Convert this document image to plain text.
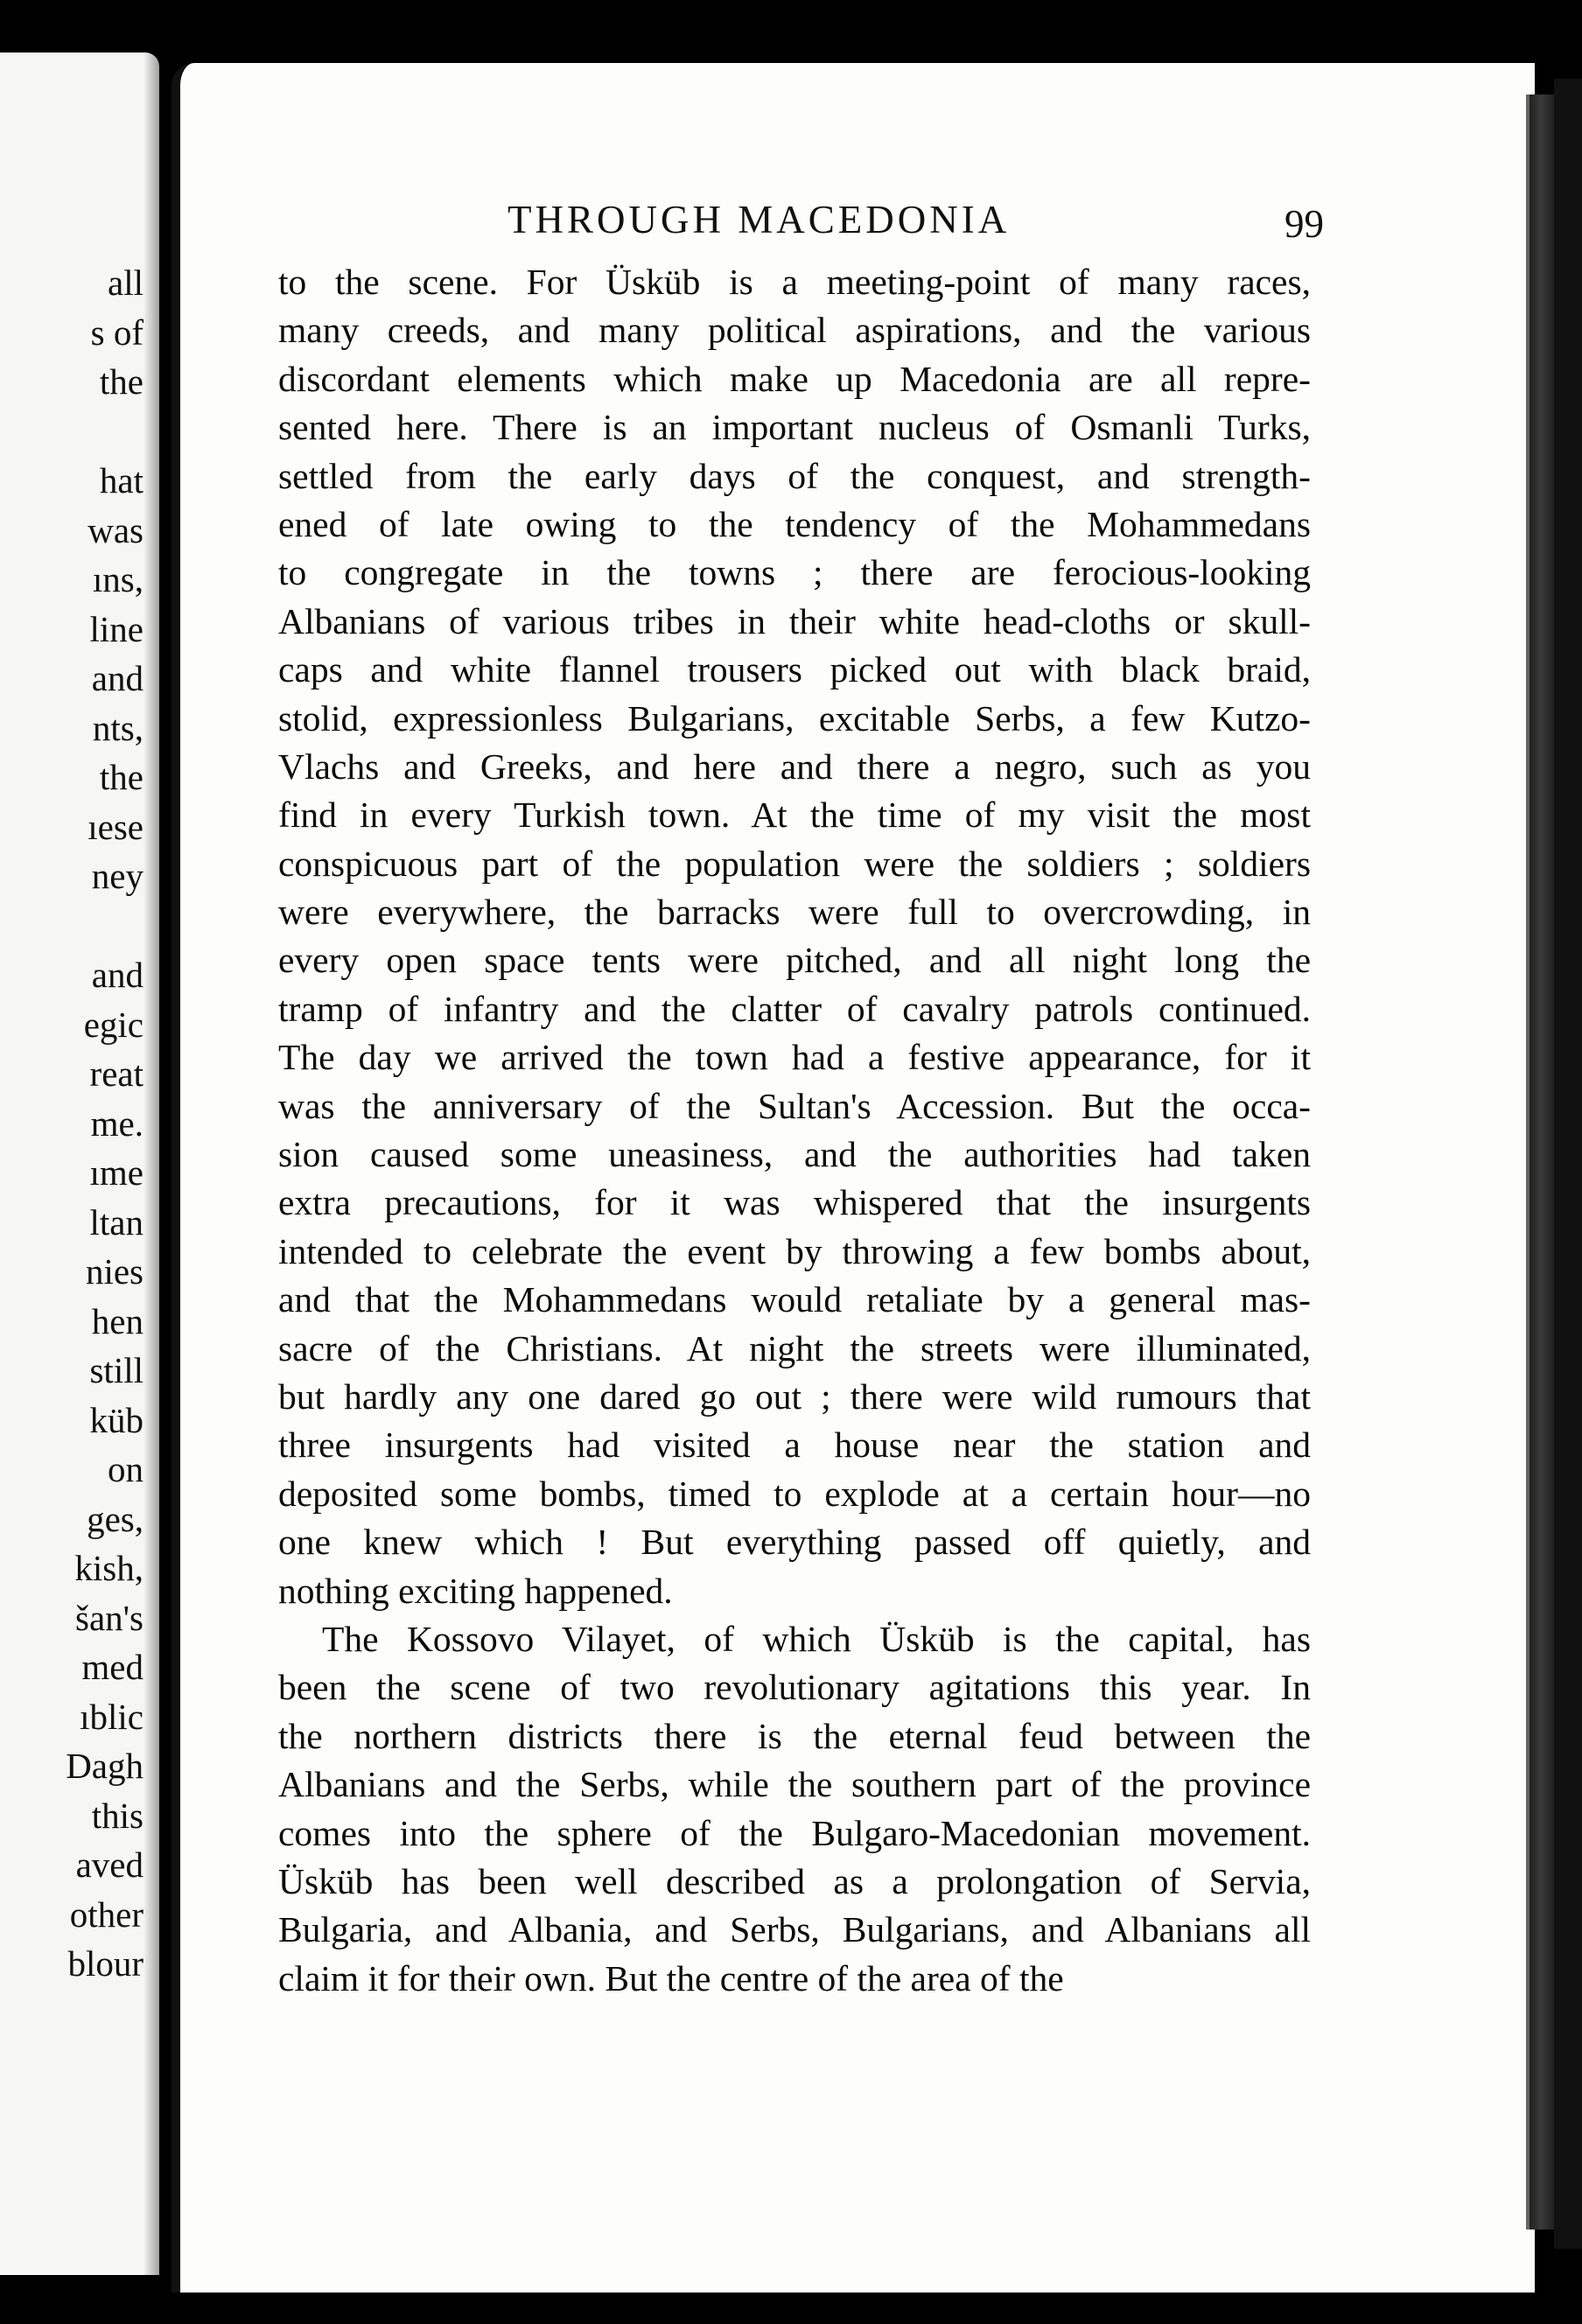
all
s of
the
hat
was
ıns,
line
and
nts,
the
ıese
ney
and
egic
reat
me.
ıme
ltan
nies
hen
still
küb
on
ges,
kish,
šan's
med
ıblic
Dagh
this
aved
other
blour
THROUGH MACEDONIA	99
to the scene. For Üsküb is a meeting-point of many races,
many creeds, and many political aspirations, and the various
discordant elements which make up Macedonia are all repre-
sented here. There is an important nucleus of Osmanli Turks,
settled from the early days of the conquest, and strength-
ened of late owing to the tendency of the Mohammedans
to congregate in the towns ; there are ferocious-looking
Albanians of various tribes in their white head-cloths or skull-
caps and white flannel trousers picked out with black braid,
stolid, expressionless Bulgarians, excitable Serbs, a few Kutzo-
Vlachs and Greeks, and here and there a negro, such as you
find in every Turkish town. At the time of my visit the most
conspicuous part of the population were the soldiers ; soldiers
were everywhere, the barracks were full to overcrowding, in
every open space tents were pitched, and all night long the
tramp of infantry and the clatter of cavalry patrols continued.
The day we arrived the town had a festive appearance, for it
was the anniversary of the Sultan's Accession. But the occa-
sion caused some uneasiness, and the authorities had taken
extra precautions, for it was whispered that the insurgents
intended to celebrate the event by throwing a few bombs about,
and that the Mohammedans would retaliate by a general mas-
sacre of the Christians. At night the streets were illuminated,
but hardly any one dared go out ; there were wild rumours that
three insurgents had visited a house near the station and
deposited some bombs, timed to explode at a certain hour—no
one knew which ! But everything passed off quietly, and
nothing exciting happened.
The Kossovo Vilayet, of which Üsküb is the capital, has
been the scene of two revolutionary agitations this year. In
the northern districts there is the eternal feud between the
Albanians and the Serbs, while the southern part of the province
comes into the sphere of the Bulgaro-Macedonian movement.
Üsküb has been well described as a prolongation of Servia,
Bulgaria, and Albania, and Serbs, Bulgarians, and Albanians all
claim it for their own. But the centre of the area of the
